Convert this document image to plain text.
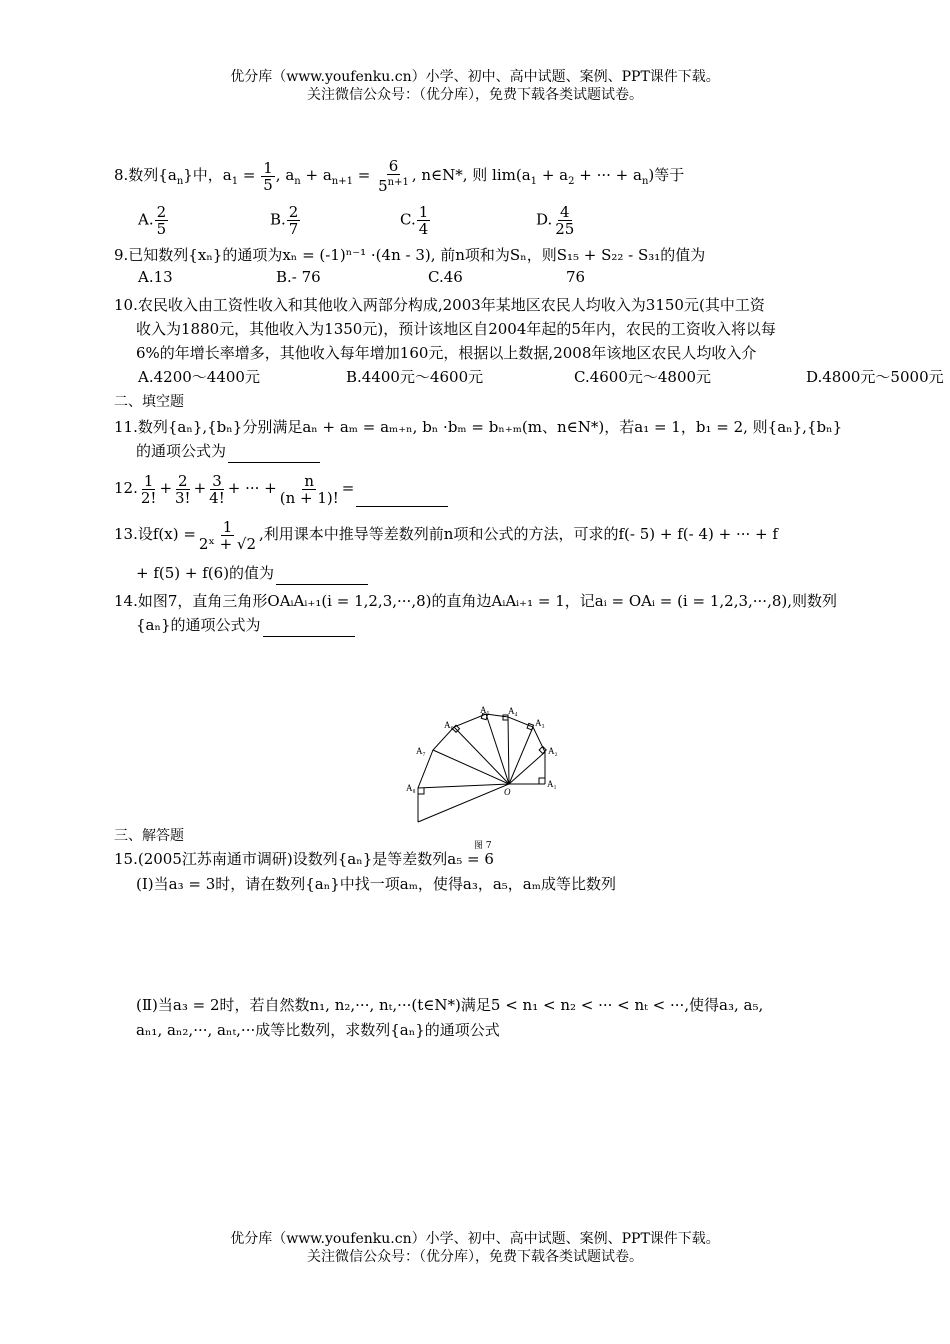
优分库（www.youfenku.cn）小学、初中、高中试题、案例、PPT课件下载。
关注微信公众号：（优分库），免费下载各类试题试卷。
8.数列$\{a_n\}$中，$a_1 = \frac{1}{5}$ , $a_n + a_{n+1} = \frac{6}{5^{n+1}}$ , n∈N*, 则 $\lim(a_1 + a_2$ + ··· + $a_n$)等于
A. $\frac{2}{5}$	B. $\frac{2}{7}$	C. $\frac{1}{4}$	D. $\frac{4}{25}$
9.已知数列{xₙ}的通项为xₙ = (-1)ⁿ⁻¹ ·(4n - 3), 前n项和为Sₙ，则S₁₅ + S₂₂ - S₃₁的值为
A.13	B.- 76	C.46	76
10.农民收入由工资性收入和其他收入两部分构成,2003年某地区农民人均收入为3150元(其中工资
收入为1880元，其他收入为1350元)，预计该地区自2004年起的5年内，农民的工资收入将以每
6%的年增长率增多，其他收入每年增加160元，根据以上数据,2008年该地区农民人均收入介
A.4200～4400元	B.4400元～4600元	C.4600元～4800元	D.4800元～5000元
二、填空题
11.数列{aₙ},{bₙ}分别满足aₙ + aₘ = aₘ₊ₙ, bₙ ·bₘ = bₙ₊ₘ(m、n∈N*)，若a₁ = 1，b₁ = 2, 则{aₙ},{bₙ}
的通项公式为
12. $\frac{1}{2!} + \frac{2}{3!} + \frac{3}{4!}$ + ··· + $\frac{n}{(n + 1)!}$ =
13.设$f(x) = \frac{1}{\text{2ˣ + √2}}$ ,利用课本中推导等差数列前n项和公式的方法，可求的f(- 5) + f(- 4) + ··· + f
+ f(5) + f(6)的值为
14.如图7，直角三角形OAᵢAᵢ₊₁(i = 1,2,3,···,8)的直角边AᵢAᵢ₊₁ = 1，记aᵢ = OAᵢ = (i = 1,2,3,···,8),则数列
{aₙ}的通项公式为
A₁
A₂
A₃
A₄
A₅
A₆
A₇
A₈	O
图 7
三、解答题
15.(2005江苏南通市调研)设数列{aₙ}是等差数列a₅ = 6
(Ⅰ)当a₃ = 3时，请在数列{aₙ}中找一项aₘ，使得a₃，a₅，aₘ成等比数列
(Ⅱ)当a₃ = 2时，若自然数n₁, n₂,···, nₜ,···(t∈N*)满足5 < n₁ < n₂ < ··· < nₜ < ···,使得a₃, a₅,
aₙ₁, aₙ₂,···, aₙₜ,···成等比数列，求数列{aₙ}的通项公式
优分库（www.youfenku.cn）小学、初中、高中试题、案例、PPT课件下载。
关注微信公众号：（优分库），免费下载各类试题试卷。
